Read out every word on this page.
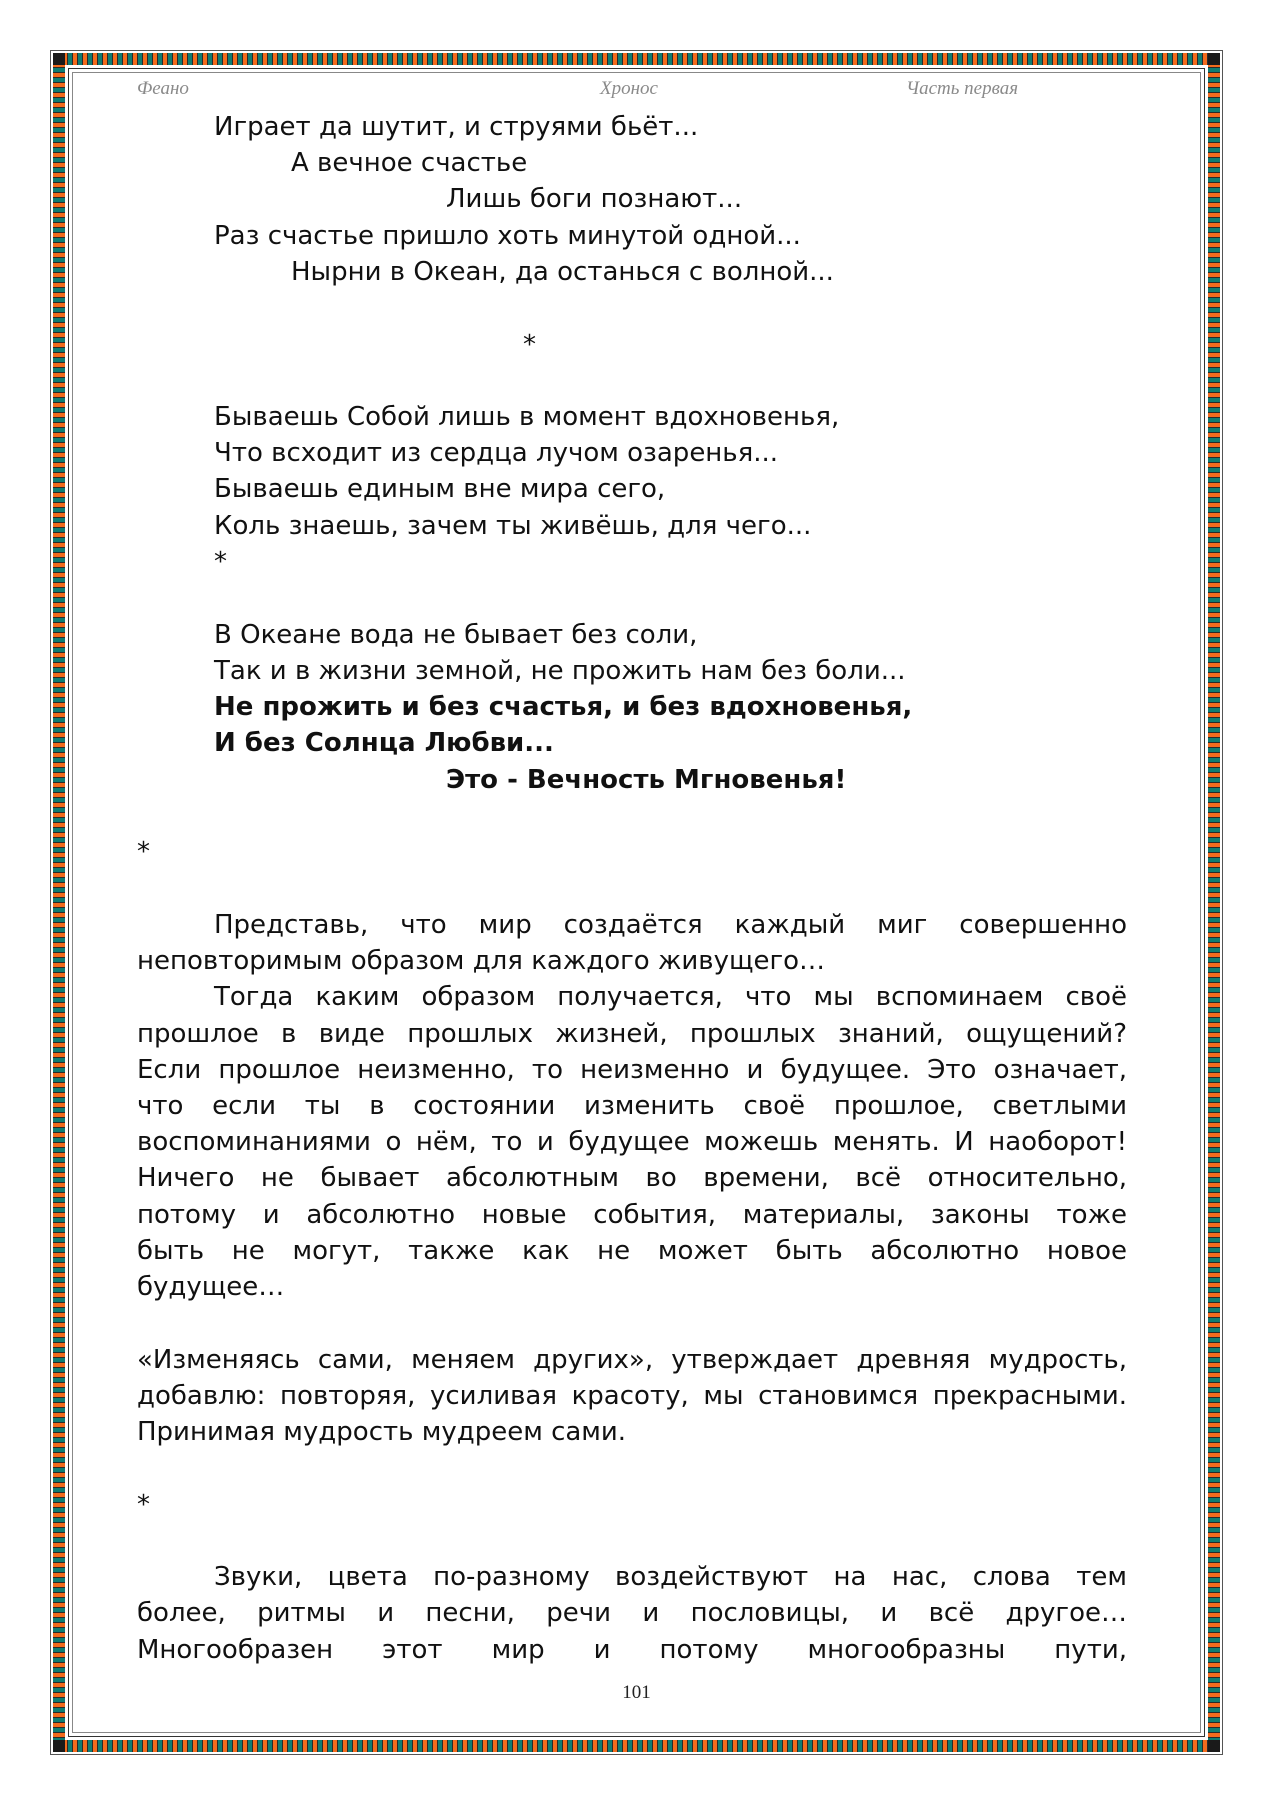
Феано	Хронос	Часть первая
Играет да шутит, и струями бьёт...
А вечное счастье
Лишь боги познают...
Раз счастье пришло хоть минутой одной...
Нырни в Океан, да останься с волной...
*
Бываешь Собой лишь в момент вдохновенья,
Что всходит из сердца лучом озаренья...
Бываешь единым вне мира сего,
Коль знаешь, зачем ты живёшь, для чего...
*
В Океане вода не бывает без соли,
Так и в жизни земной, не прожить нам без боли...
Не прожить и без счастья, и без вдохновенья,
И без Солнца Любви...
Это - Вечность Мгновенья!
*
Представь, что мир создаётся каждый миг совершенно
неповторимым образом для каждого живущего…
Тогда каким образом получается, что мы вспоминаем своё
прошлое в виде прошлых жизней, прошлых знаний, ощущений?
Если прошлое неизменно, то неизменно и будущее. Это означает,
что если ты в состоянии изменить своё прошлое, светлыми
воспоминаниями о нём, то и будущее можешь менять. И наоборот!
Ничего не бывает абсолютным во времени, всё относительно,
потому и абсолютно новые события, материалы, законы тоже
быть не могут, также как не может быть абсолютно новое
будущее…
«Изменяясь сами, меняем других», утверждает древняя мудрость,
добавлю: повторяя, усиливая красоту, мы становимся прекрасными.
Принимая мудрость мудреем сами.
*
Звуки, цвета по-разному воздействуют на нас, слова тем
более, ритмы и песни, речи и пословицы, и всё другое…
Многообразен этот мир и потому многообразны пути,
101
